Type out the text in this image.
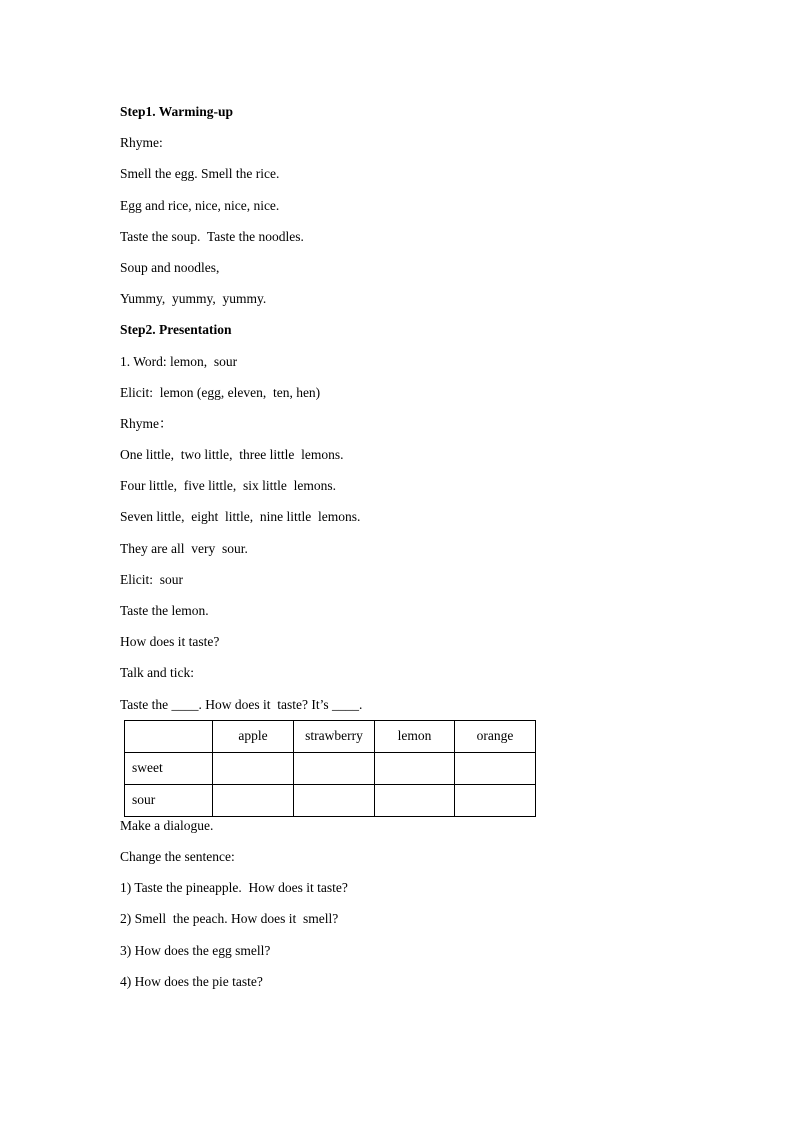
Step1. Warming-up
Rhyme:
Smell the egg. Smell the rice.
Egg and rice, nice, nice, nice.
Taste the soup.  Taste the noodles.
Soup and noodles,
Yummy,  yummy,  yummy.
Step2. Presentation
1. Word: lemon,  sour
Elicit:  lemon (egg, eleven,  ten, hen)
Rhyme：
One little,  two little,  three little  lemons.
Four little,  five little,  six little  lemons.
Seven little,  eight  little,  nine little  lemons.
They are all  very  sour.
Elicit:  sour
Taste the lemon.
How does it taste?
Talk and tick:
Taste the ____. How does it  taste? It’s ____.
	apple	strawberry	lemon	orange
sweet				
sour				
Make a dialogue.
Change the sentence:
1) Taste the pineapple.  How does it taste?
2) Smell  the peach. How does it  smell?
3) How does the egg smell?
4) How does the pie taste?
